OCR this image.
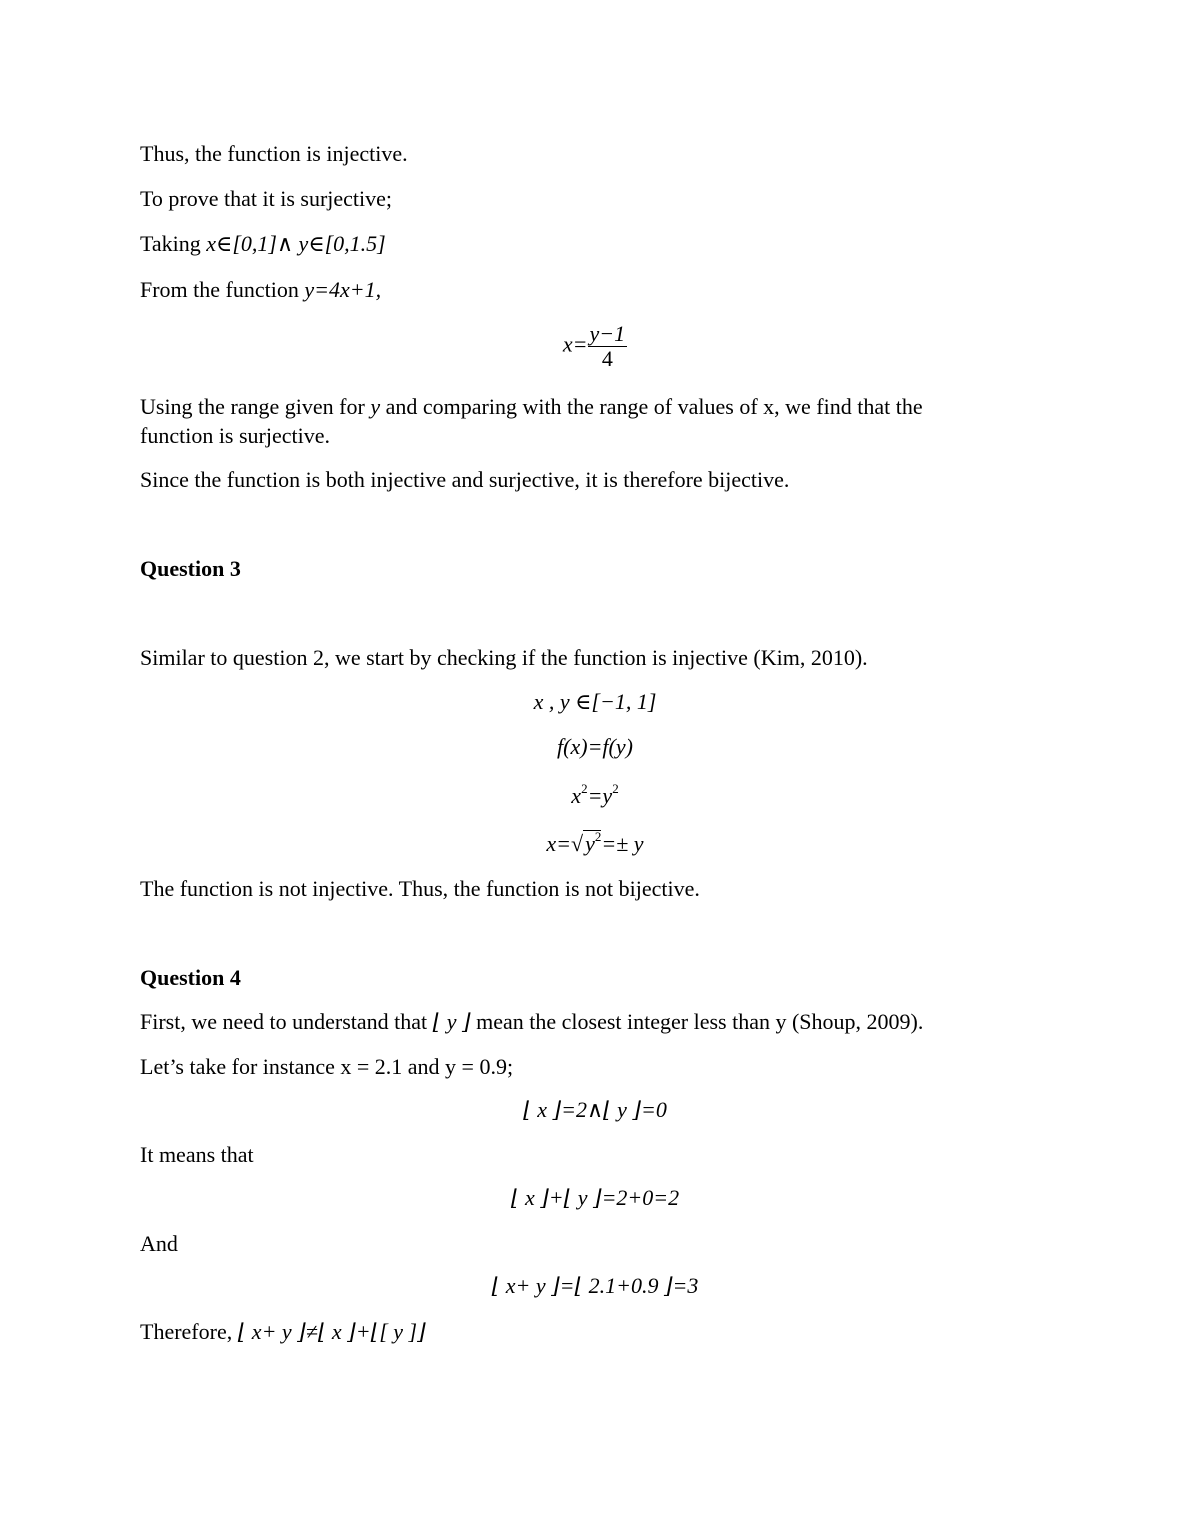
Thus, the function is injective.
To prove that it is surjective;
Taking x∈[0,1]∧ y∈[0,1.5]
From the function y=4x+1,
$x= \frac{y-1}{4}$
Using the range given for y and comparing with the range of values of x, we find that the
function is surjective.
Since the function is both injective and surjective, it is therefore bijective.
Question 3
Similar to question 2, we start by checking if the function is injective (Kim, 2010).
x , y ∈[−1, 1]
f(x)=f(y)
$x^2=y^2$
$x=√y^2=\pm y$
The function is not injective. Thus, the function is not bijective.
Question 4
First, we need to understand that ⌊ y ⌋ mean the closest integer less than y (Shoup, 2009).
Let’s take for instance x = 2.1 and y = 0.9;
⌊ x ⌋=2∧⌊ y ⌋=0
It means that
⌊ x ⌋+⌊ y ⌋=2+0=2
And
⌊ x+ y ⌋=⌊ 2.1+0.9 ⌋=3
Therefore, ⌊ x+ y ⌋≠⌊ x ⌋+⌊[ y ]⌋
